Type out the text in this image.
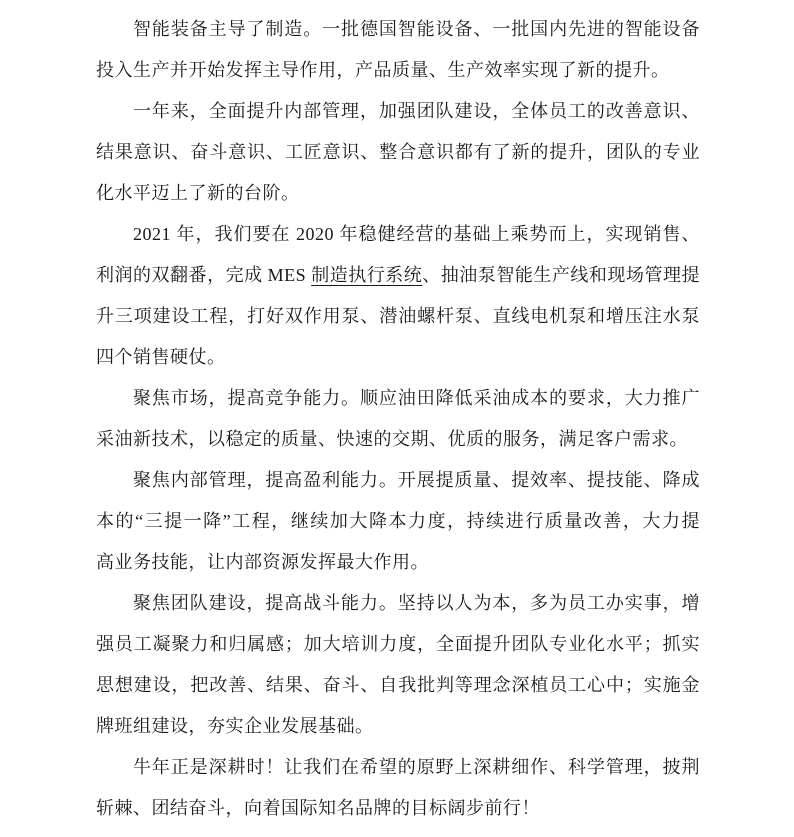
智能装备主导了制造。一批德国智能设备、一批国内先进的智能设备
投入生产并开始发挥主导作用，产品质量、生产效率实现了新的提升。
一年来，全面提升内部管理，加强团队建设，全体员工的改善意识、
结果意识、奋斗意识、工匠意识、整合意识都有了新的提升，团队的专业
化水平迈上了新的台阶。
2021 年，我们要在 2020 年稳健经营的基础上乘势而上，实现销售、
利润的双翻番，完成 MES 制造执行系统、抽油泵智能生产线和现场管理提
升三项建设工程，打好双作用泵、潜油螺杆泵、直线电机泵和增压注水泵
四个销售硬仗。
聚焦市场，提高竞争能力。顺应油田降低采油成本的要求，大力推广
采油新技术，以稳定的质量、快速的交期、优质的服务，满足客户需求。
聚焦内部管理，提高盈利能力。开展提质量、提效率、提技能、降成
本的“三提一降”工程，继续加大降本力度，持续进行质量改善，大力提
高业务技能，让内部资源发挥最大作用。
聚焦团队建设，提高战斗能力。坚持以人为本，多为员工办实事，增
强员工凝聚力和归属感；加大培训力度，全面提升团队专业化水平；抓实
思想建设，把改善、结果、奋斗、自我批判等理念深植员工心中；实施金
牌班组建设，夯实企业发展基础。
牛年正是深耕时！让我们在希望的原野上深耕细作、科学管理，披荆
斩棘、团结奋斗，向着国际知名品牌的目标阔步前行！
